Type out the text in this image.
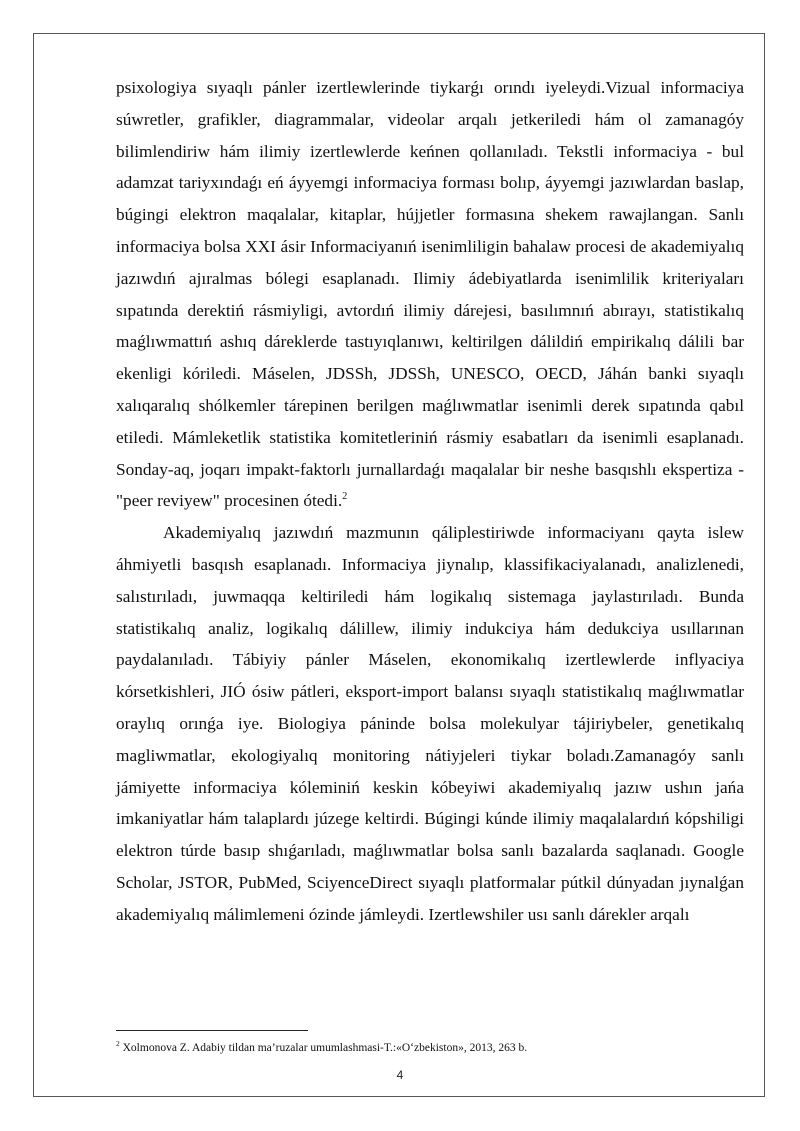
psixologiya sıyaqlı pánler izertlewlerinde tiykarǵı orındı iyeleydi.Vizual informaciya súwretler, grafikler, diagrammalar, videolar arqalı jetkeriledi hám ol zamanagóy bilimlendiriw hám ilimiy izertlewlerde keńnen qollanıladı. Tekstli informaciya - bul adamzat tariyxındaǵı eń áyyemgi informaciya forması bolıp, áyyemgi jazıwlardan baslap, búgingi elektron maqalalar, kitaplar, hújjetler formasına shekem rawajlangan. Sanlı informaciya bolsa XXI ásir Informaciyanıń isenimliligin bahalaw procesi de akademiyalıq jazıwdıń ajıralmas bólegi esaplanadı. Ilimiy ádebiyatlarda isenimlilik kriteriyaları sıpatında derektiń rásmiyligi, avtordıń ilimiy dárejesi, basılımnıń abırayı, statistikalıq maǵlıwmattıń ashıq dáreklerde tastıyıqlanıwı, keltirilgen dálildiń empirikalıq dálili bar ekenligi kóriledi. Máselen, JDSSh, JDSSh, UNESCO, OECD, Jáhán banki sıyaqlı xalıqaralıq shólkemler tárepinen berilgen maǵlıwmatlar isenimli derek sıpatında qabıl etiledi. Mámleketlik statistika komitetleriniń rásmiy esabatları da isenimli esaplanadı. Sonday-aq, joqarı impakt-faktorlı jurnallardaǵı maqalalar bir neshe basqıshlı ekspertiza - "peer reviyew" procesinen ótedi.$^2$

Akademiyalıq jazıwdıń mazmunın qáliplestiriwde informaciyanı qayta islew áhmiyetli basqısh esaplanadı. Informaciya jiynalıp, klassifikaciyalanadı, analizlenedi, salıstırıladı, juwmaqqa keltiriledi hám logikalıq sistemaga jaylastırıladı. Bunda statistikalıq analiz, logikalıq dálillew, ilimiy indukciya hám dedukciya usıllarınan paydalanıladı. Tábiyiy pánler Máselen, ekonomikalıq izertlewlerde inflyaciya kórsetkishleri, JIÓ ósiw pátleri, eksport-import balansı sıyaqlı statistikalıq maǵlıwmatlar oraylıq orınǵa iye. Biologiya páninde bolsa molekulyar tájiriybeler, genetikalıq magliwmatlar, ekologiyalıq monitoring nátiyjeleri tiykar boladı.Zamanagóy sanlı jámiyette informaciya kóleminiń keskin kóbeyiwi akademiyalıq jazıw ushın jańa imkaniyatlar hám talaplardı júzege keltirdi. Búgingi kúnde ilimiy maqalalardıń kópshiligi elektron túrde basıp shıǵarıladı, maǵlıwmatlar bolsa sanlı bazalarda saqlanadı. Google Scholar, JSTOR, PubMed, SciyenceDirect sıyaqlı platformalar pútkil dúnyadan jıynalǵan akademiyalıq málimlemeni ózinde jámleydi. Izertlewshiler usı sanlı dárekler arqalı

$^2$ Xolmonova Z. Adabiy tildan ma’ruzalar umumlashmasi-T.:«O‘zbekiston», 2013, 263 b.
4
